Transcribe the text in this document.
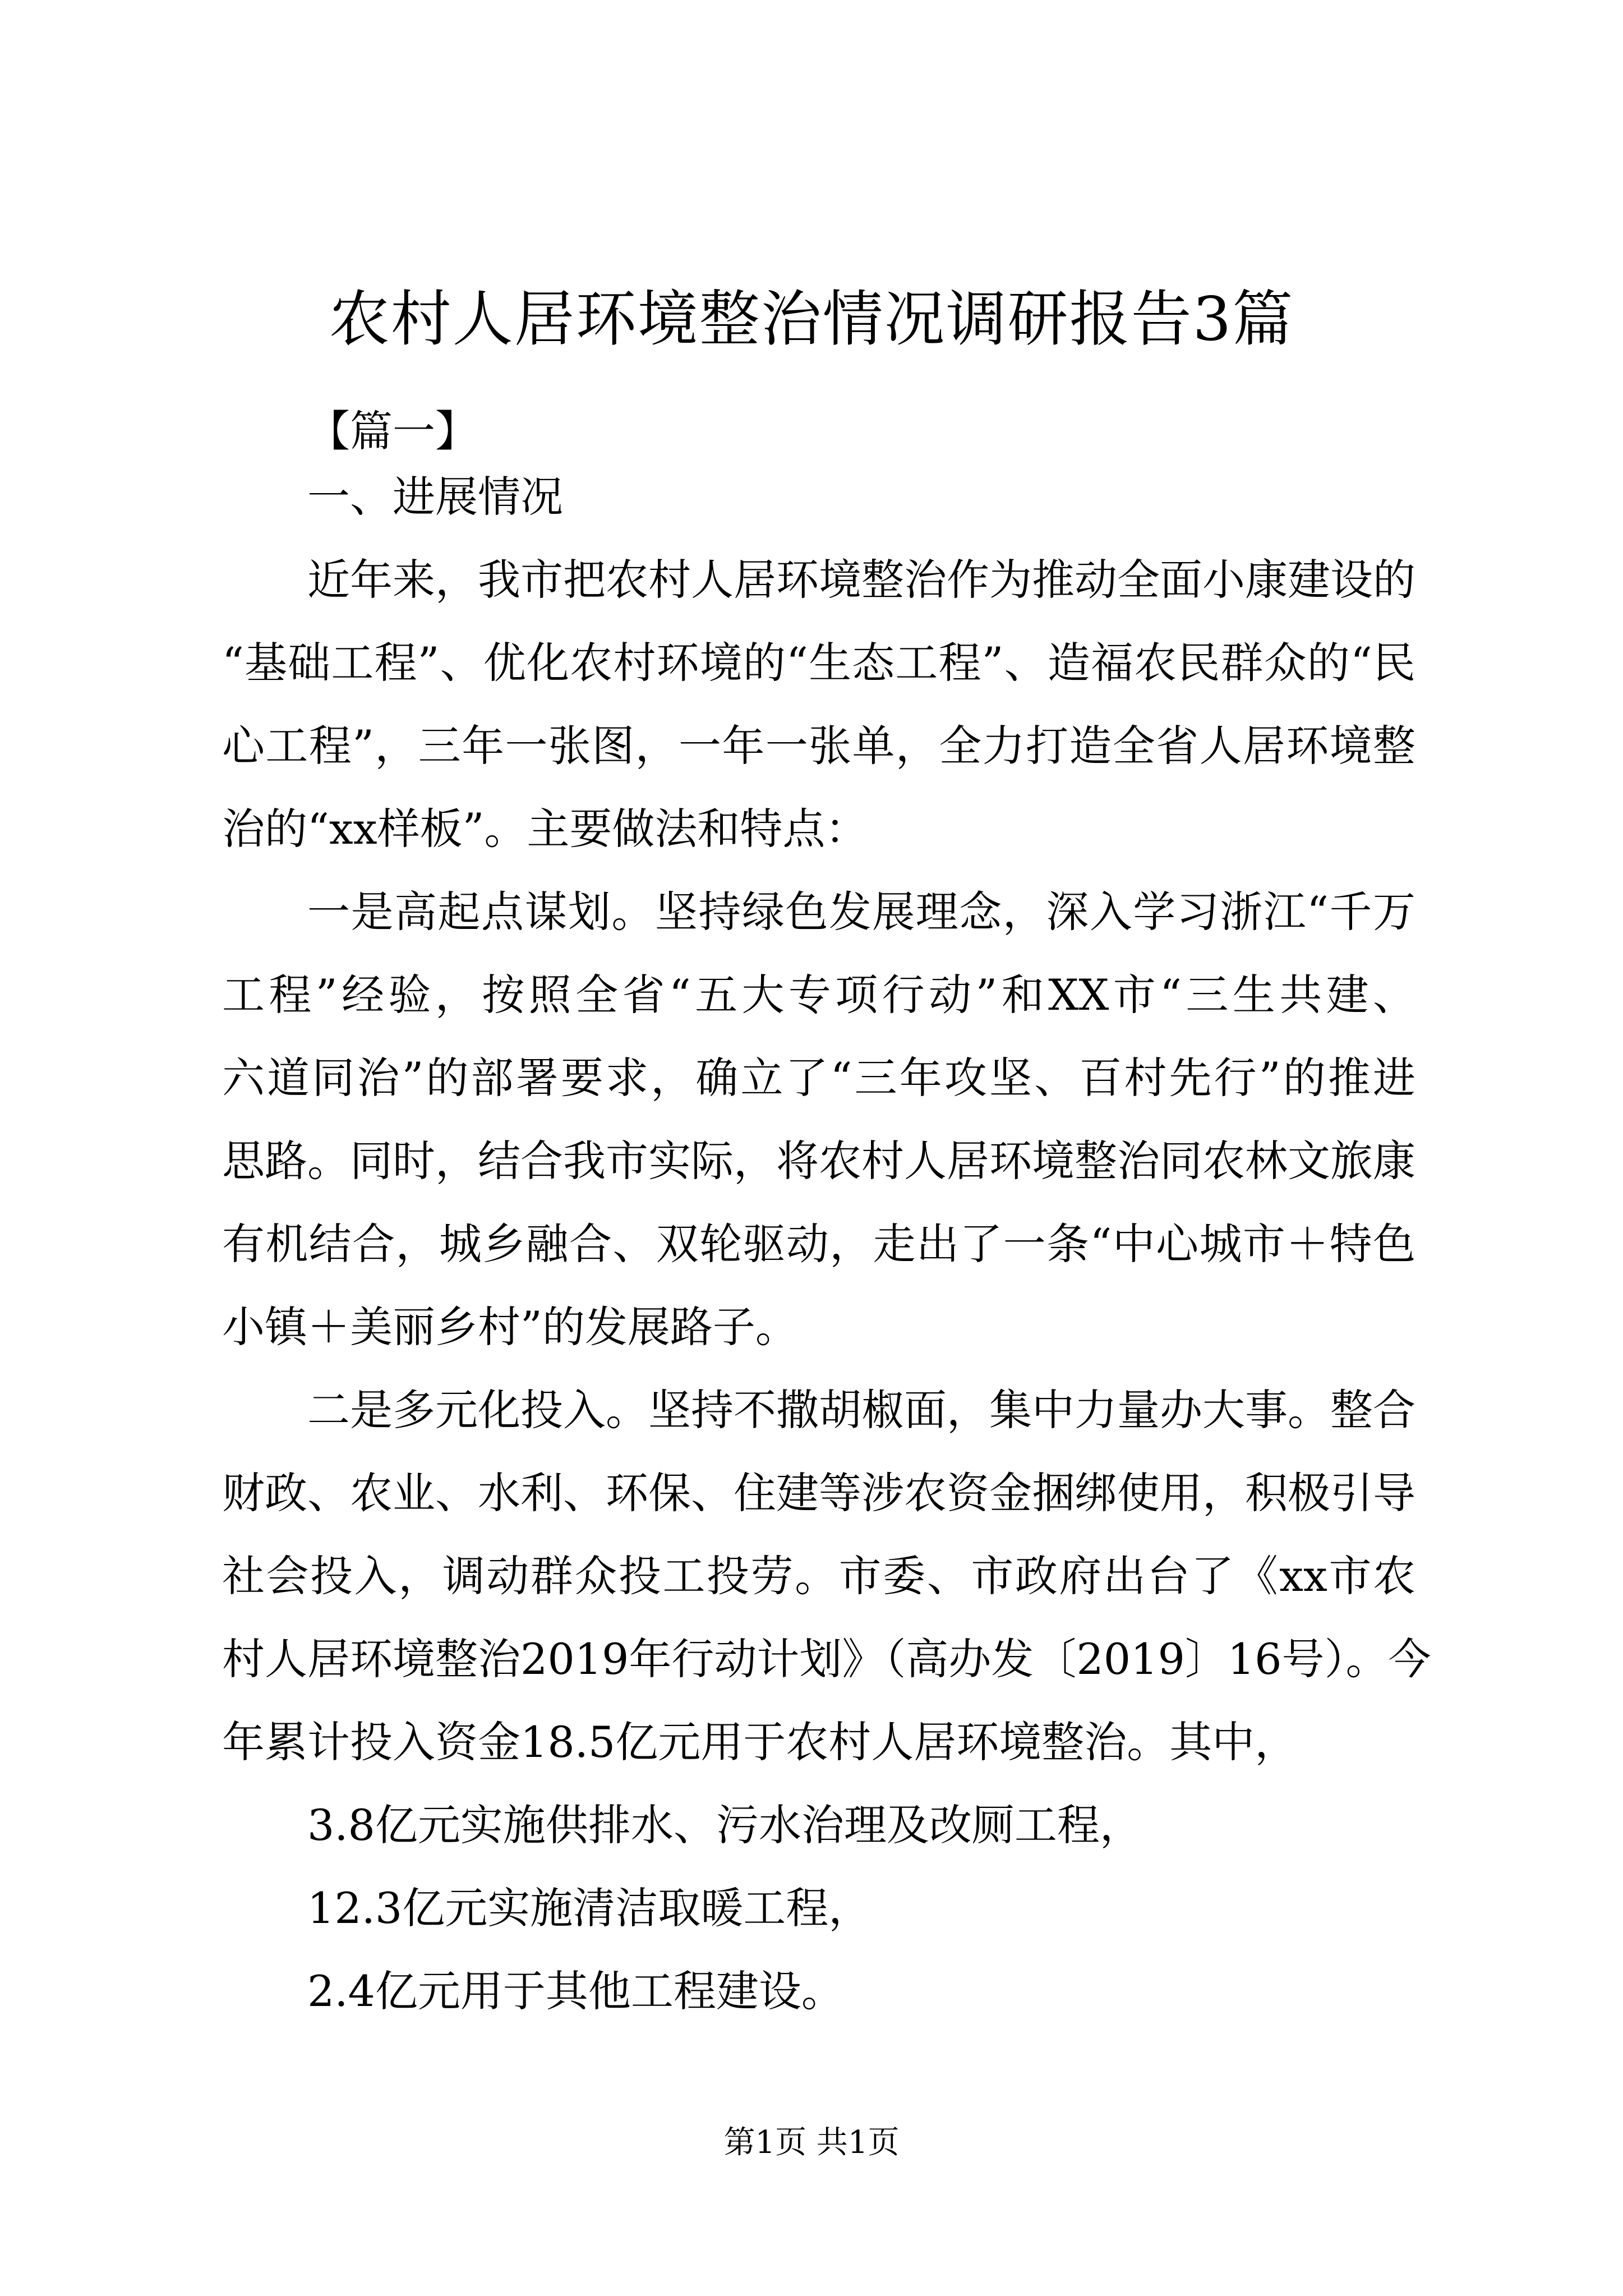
农村人居环境整治情况调研报告3篇
【篇一】
一、进展情况
近年来，我市把农村人居环境整治作为推动全面小康建设的
“基础工程”、优化农村环境的“生态工程”、造福农民群众的“民
心工程”，三年一张图，一年一张单，全力打造全省人居环境整
治的“xx样板”。主要做法和特点：
一是高起点谋划。坚持绿色发展理念，深入学习浙江“千万
工程”经验，按照全省“五大专项行动”和XX市“三生共建、
六道同治”的部署要求，确立了“三年攻坚、百村先行”的推进
思路。同时，结合我市实际，将农村人居环境整治同农林文旅康
有机结合，城乡融合、双轮驱动，走出了一条“中心城市＋特色
小镇＋美丽乡村”的发展路子。
二是多元化投入。坚持不撒胡椒面，集中力量办大事。整合
财政、农业、水利、环保、住建等涉农资金捆绑使用，积极引导
社会投入，调动群众投工投劳。市委、市政府出台了《xx市农
村人居环境整治2019年行动计划》（高办发〔2019〕16号）。今
年累计投入资金18.5亿元用于农村人居环境整治。其中，
3.8亿元实施供排水、污水治理及改厕工程，
12.3亿元实施清洁取暖工程，
2.4亿元用于其他工程建设。
第1页 共1页
